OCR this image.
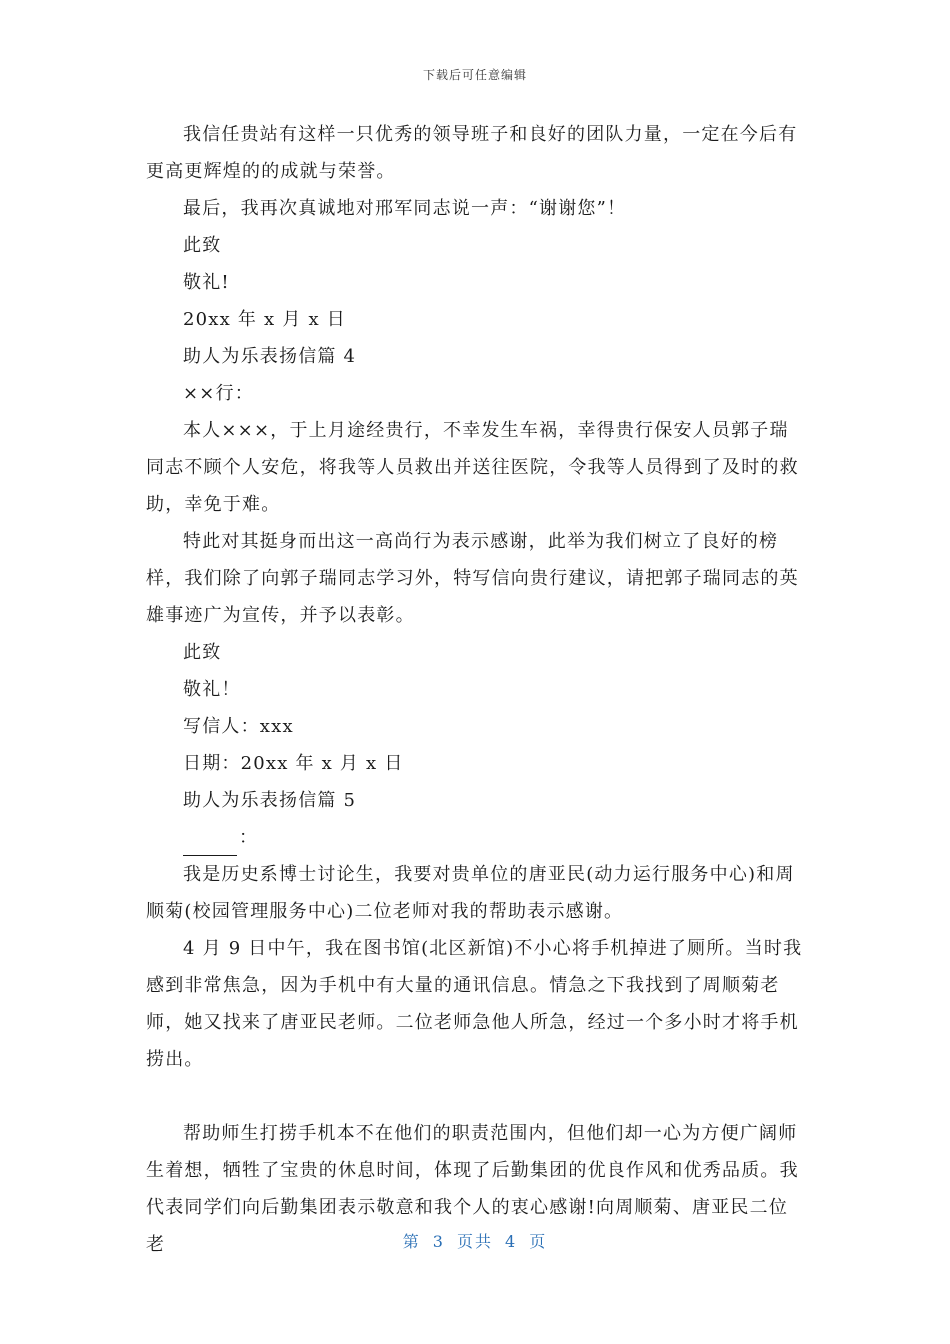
下载后可任意编辑

我信任贵站有这样一只优秀的领导班子和良好的团队力量，一定在今后有更高更辉煌的的成就与荣誉。

最后，我再次真诚地对邢军同志说一声：“谢谢您”！

此致

敬礼!

20xx 年 x 月 x 日

助人为乐表扬信篇 4

××行：

本人×××，于上月途经贵行，不幸发生车祸，幸得贵行保安人员郭子瑞同志不顾个人安危，将我等人员救出并送往医院，令我等人员得到了及时的救助，幸免于难。

特此对其挺身而出这一高尚行为表示感谢，此举为我们树立了良好的榜样，我们除了向郭子瑞同志学习外，特写信向贵行建议，请把郭子瑞同志的英雄事迹广为宣传，并予以表彰。

此致

敬礼！

写信人：xxx

日期：20xx 年 x 月 x 日

助人为乐表扬信篇 5

：

我是历史系博士讨论生，我要对贵单位的唐亚民(动力运行服务中心)和周顺菊(校园管理服务中心)二位老师对我的帮助表示感谢。

4 月 9 日中午，我在图书馆(北区新馆)不小心将手机掉进了厕所。当时我感到非常焦急，因为手机中有大量的通讯信息。情急之下我找到了周顺菊老师，她又找来了唐亚民老师。二位老师急他人所急，经过一个多小时才将手机捞出。

帮助师生打捞手机本不在他们的职责范围内，但他们却一心为方便广阔师生着想，牺牲了宝贵的休息时间，体现了后勤集团的优良作风和优秀品质。我代表同学们向后勤集团表示敬意和我个人的衷心感谢!向周顺菊、唐亚民二位老	第 3 页共 4 页
